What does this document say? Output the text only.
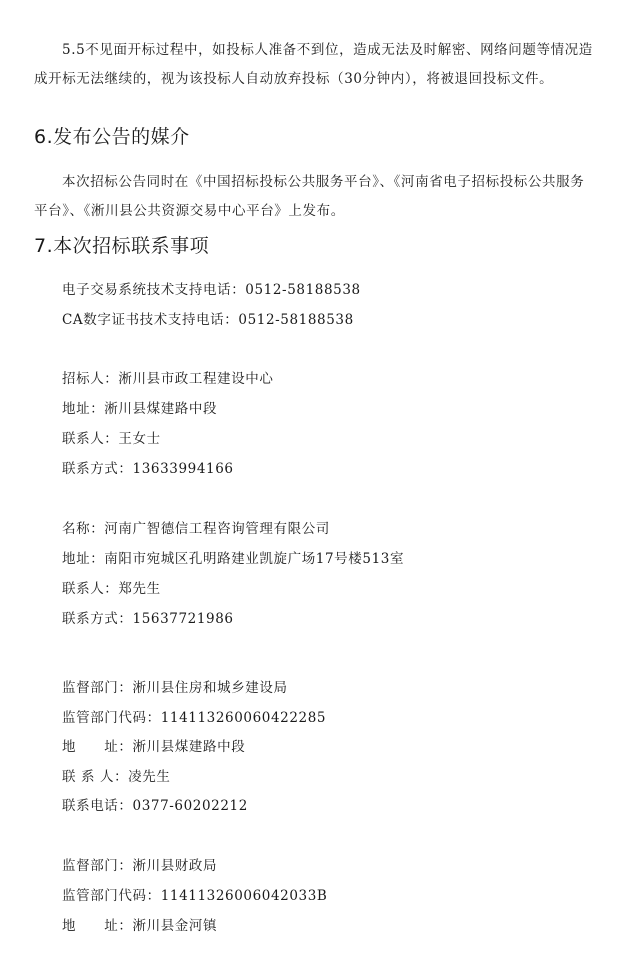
5.5不见面开标过程中，如投标人准备不到位，造成无法及时解密、网络问题等情况造成开标无法继续的，视为该投标人自动放弃投标（30分钟内），将被退回投标文件。

6.发布公告的媒介

本次招标公告同时在《中国招标投标公共服务平台》、《河南省电子招标投标公共服务平台》、《淅川县公共资源交易中心平台》上发布。

7.本次招标联系事项

电子交易系统技术支持电话：0512-58188538

CA数字证书技术支持电话：0512-58188538

招标人：淅川县市政工程建设中心

地址：淅川县煤建路中段

联系人：王女士

联系方式：13633994166

名称：河南广智德信工程咨询管理有限公司

地址：南阳市宛城区孔明路建业凯旋广场17号楼513室

联系人：郑先生

联系方式：15637721986

监督部门：淅川县住房和城乡建设局

监管部门代码：114113260060422285

地　　址：淅川县煤建路中段

联 系 人：凌先生

联系电话：0377-60202212

监督部门：淅川县财政局

监管部门代码：11411326006042033B

地　　址：淅川县金河镇
